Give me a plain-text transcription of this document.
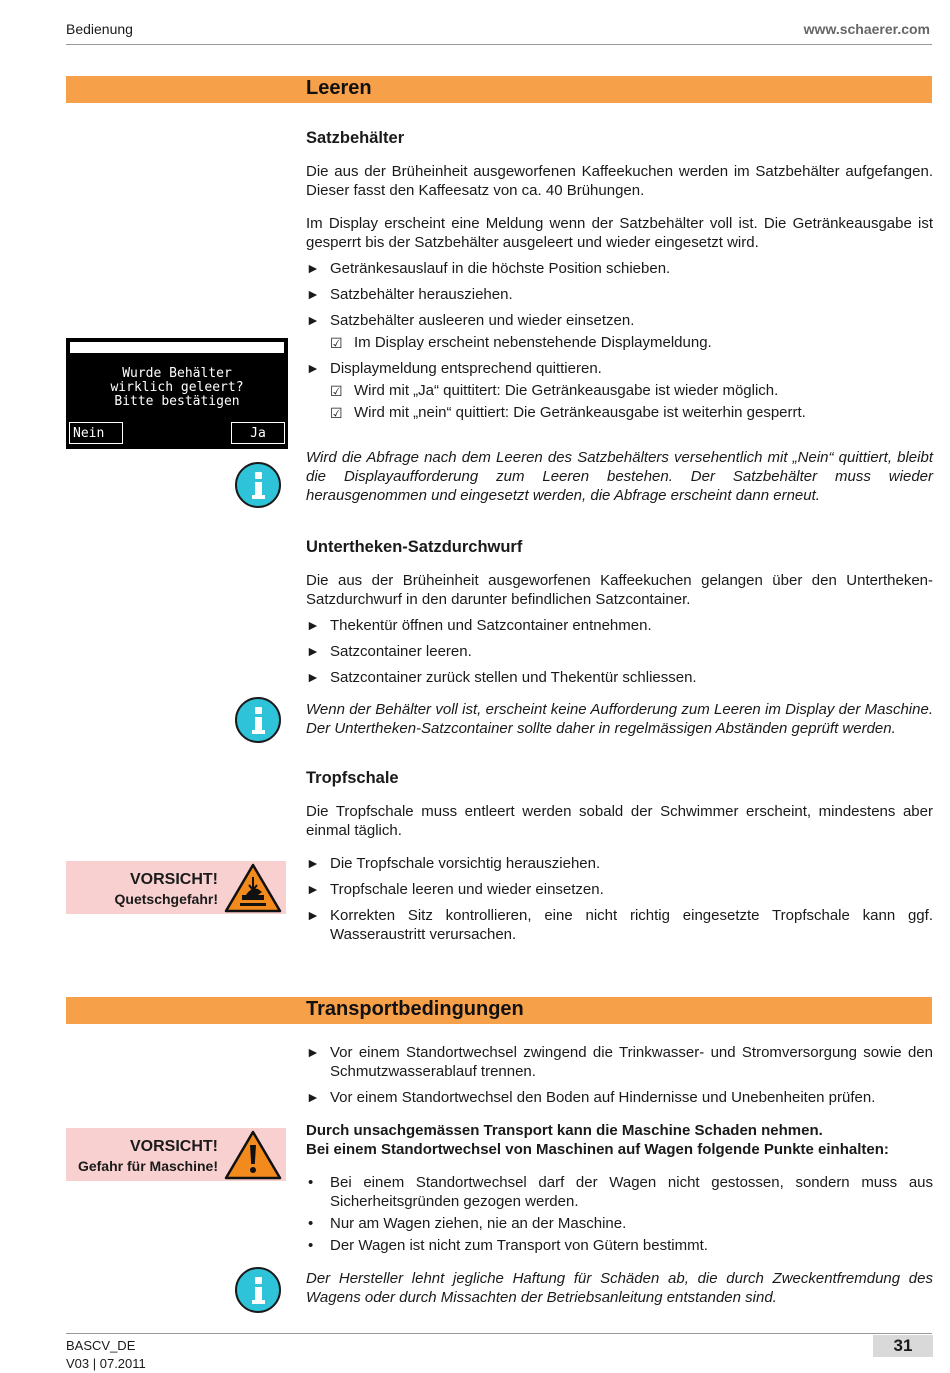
Bedienung	www.schaerer.com
Leeren
Satzbehälter

Die aus der Brüheinheit ausgeworfenen Kaffeekuchen werden im Satzbehälter aufgefangen. Dieser fasst den Kaffeesatz von ca. 40 Brühungen.

Im Display erscheint eine Meldung wenn der Satzbehälter voll ist. Die Getränkeausgabe ist gesperrt bis der Satzbehälter ausgeleert und wieder eingesetzt wird.

► Getränkesauslauf in die höchste Position schieben.
► Satzbehälter herausziehen.
► Satzbehälter ausleeren und wieder einsetzen.
☑ Im Display erscheint nebenstehende Displaymeldung.
► Displaymeldung entsprechend quittieren.
☑ Wird mit „Ja“ quittitert: Die Getränkeausgabe ist wieder möglich.
☑ Wird mit „nein“ quittiert: Die Getränkeausgabe ist weiterhin gesperrt.

Wird die Abfrage nach dem Leeren des Satzbehälters versehentlich mit „Nein“ quittiert, bleibt die Displayaufforderung zum Leeren bestehen. Der Satzbehälter muss wieder herausgenommen und eingesetzt werden, die Abfrage erscheint dann erneut.

Wurde Behälter
wirklich geleert?
Bitte bestätigen
Nein	Ja
Untertheken-Satzdurchwurf

Die aus der Brüheinheit ausgeworfenen Kaffeekuchen gelangen über den Untertheken-Satzdurchwurf in den darunter befindlichen Satzcontainer.

► Thekentür öffnen und Satzcontainer entnehmen.
► Satzcontainer leeren.
► Satzcontainer zurück stellen und Thekentür schliessen.

Wenn der Behälter voll ist, erscheint keine Aufforderung zum Leeren im Display der Maschine. Der Untertheken-Satzcontainer sollte daher in regelmässigen Abständen geprüft werden.

Tropfschale

Die Tropfschale muss entleert werden sobald der Schwimmer erscheint, mindestens aber einmal täglich.

► Die Tropfschale vorsichtig herausziehen.
► Tropfschale leeren und wieder einsetzen.
► Korrekten Sitz kontrollieren, eine nicht richtig eingesetzte Tropfschale kann ggf. Wasseraustritt verursachen.
VORSICHT!
Quetschgefahr!
Transportbedingungen
► Vor einem Standortwechsel zwingend die Trinkwasser- und Stromversorgung sowie den Schmutzwasserablauf trennen.
► Vor einem Standortwechsel den Boden auf Hindernisse und Unebenheiten prüfen.

Durch unsachgemässen Transport kann die Maschine Schaden nehmen.

Bei einem Standortwechsel von Maschinen auf Wagen folgende Punkte einhalten:

• Bei einem Standortwechsel darf der Wagen nicht gestossen, sondern muss aus Sicherheitsgründen gezogen werden.
• Nur am Wagen ziehen, nie an der Maschine.
• Der Wagen ist nicht zum Transport von Gütern bestimmt.

Der Hersteller lehnt jegliche Haftung für Schäden ab, die durch Zweckentfremdung des Wagens oder durch Missachten der Betriebsanleitung entstanden sind.

VORSICHT!
Gefahr für Maschine!
BASCV_DE
V03 | 07.2011
31
